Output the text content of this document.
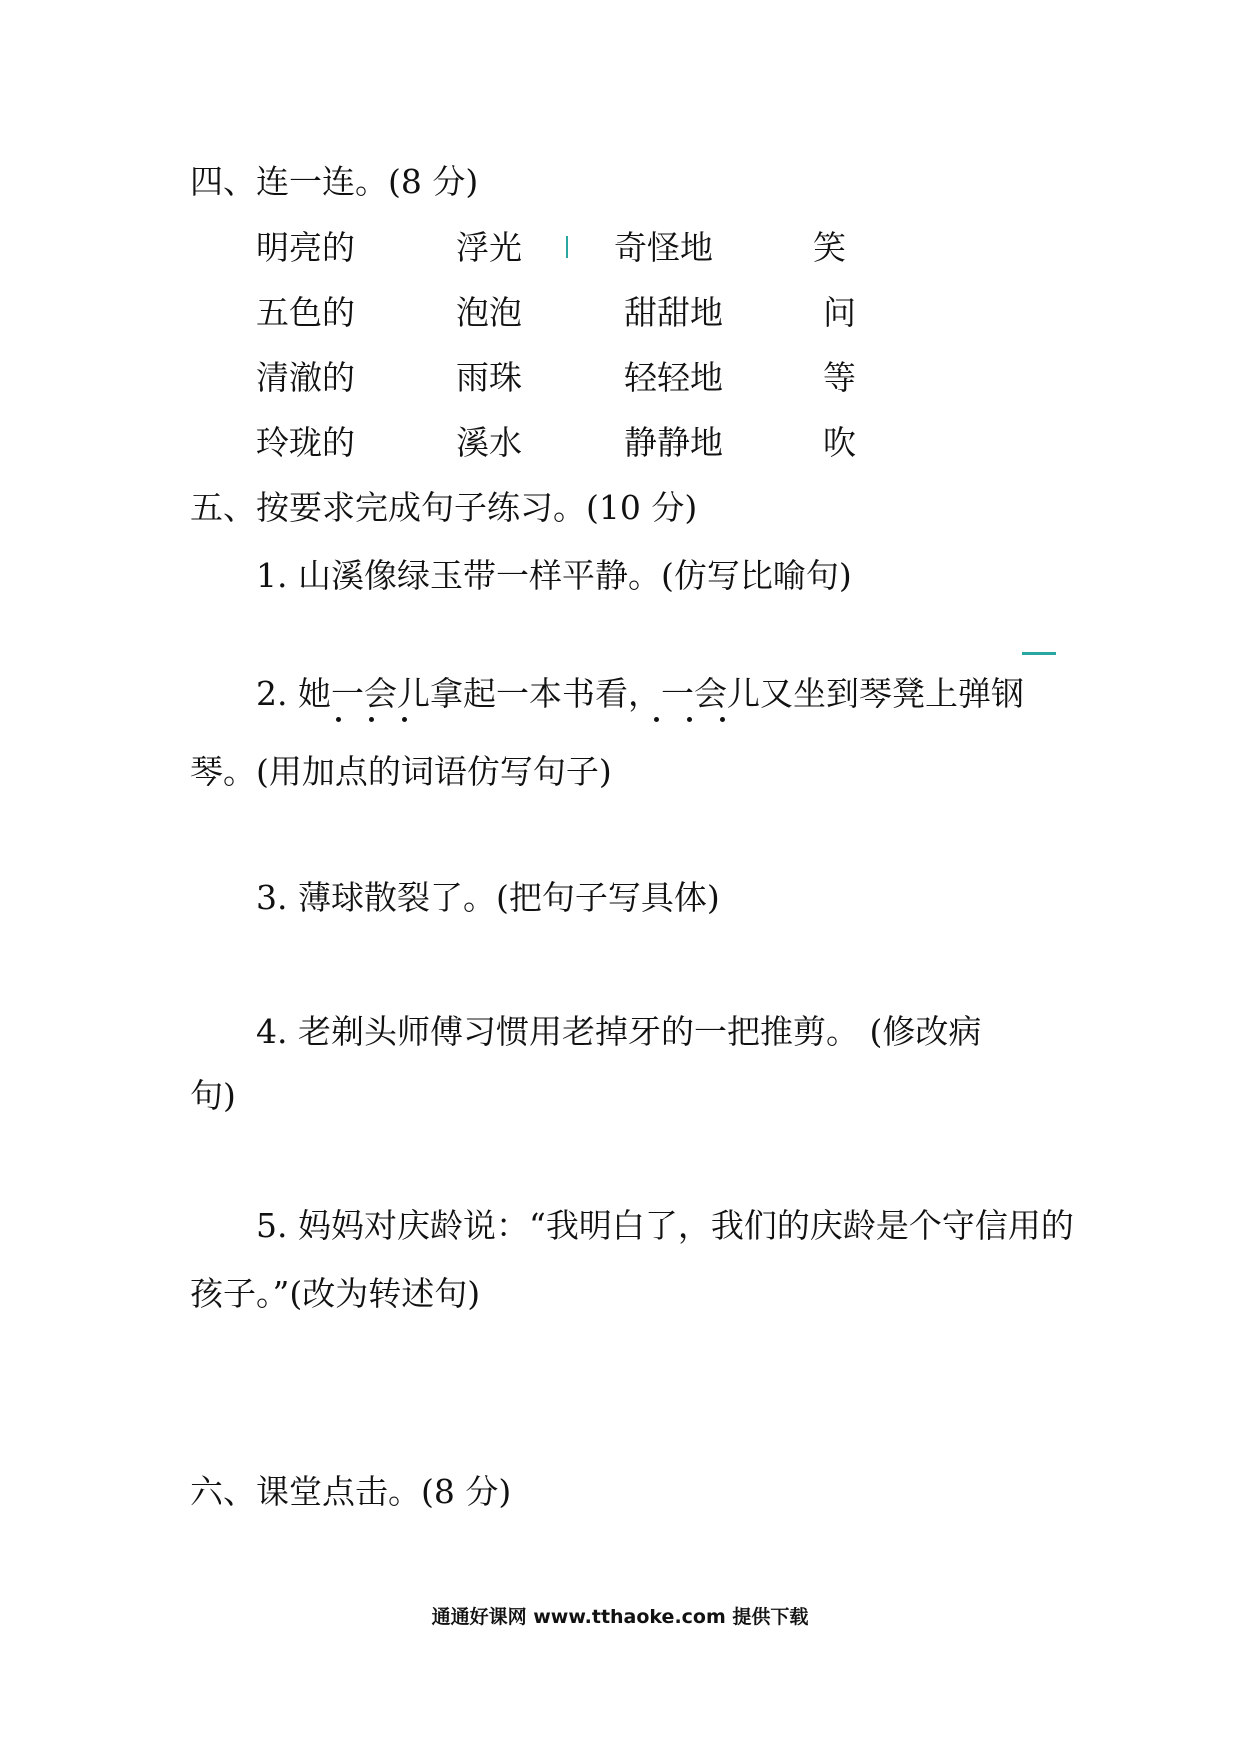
四、连一连。(8 分)
明亮的	浮光	奇怪地	笑
五色的	泡泡	甜甜地	问
清澈的	雨珠	轻轻地	等
玲珑的	溪水	静静地	吹
五、按要求完成句子练习。(10 分)
1. 山溪像绿玉带一样平静。(仿写比喻句)
2. 她一会儿拿起一本书看，一会儿又坐到琴凳上弹钢
琴。(用加点的词语仿写句子)
3. 薄球散裂了。(把句子写具体)
4. 老剃头师傅习惯用老掉牙的一把推剪。 (修改病
句)
5. 妈妈对庆龄说：“我明白了，我们的庆龄是个守信用的
孩子。”(改为转述句)
六、课堂点击。(8 分)
通通好课网 www.tthaoke.com 提供下载
